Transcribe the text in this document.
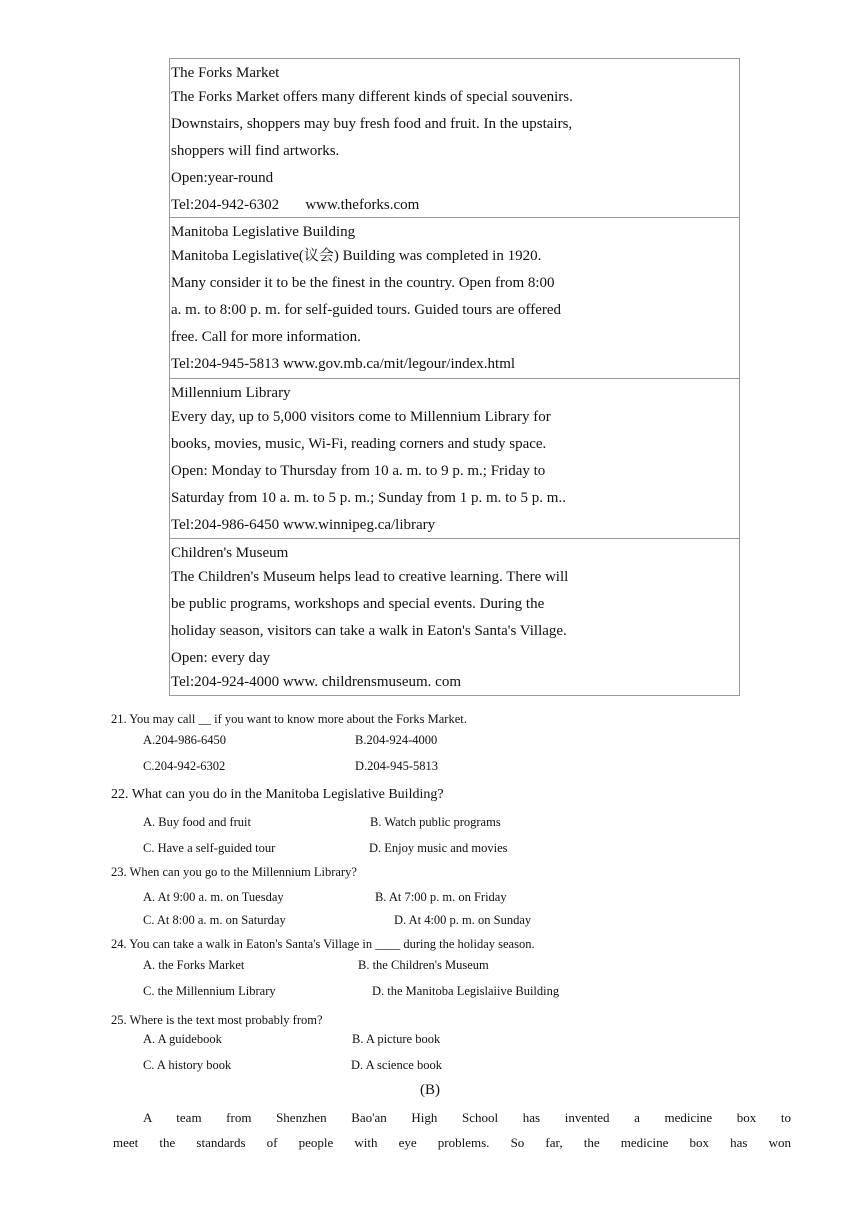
The Forks Market
The Forks Market offers many different kinds of special souvenirs.
Downstairs, shoppers may buy fresh food and fruit. In the upstairs,
shoppers will find artworks.
Open:year-round
Tel:204-942-6302       www.theforks.com
Manitoba Legislative Building
Manitoba Legislative(议会) Building was completed in 1920.
Many consider it to be the finest in the country. Open from 8:00
a. m. to 8:00 p. m. for self-guided tours. Guided tours are offered
free. Call for more information.
Tel:204-945-5813 www.gov.mb.ca/mit/legour/index.html
Millennium Library
Every day, up to 5,000 visitors come to Millennium Library for
books, movies, music, Wi-Fi, reading corners and study space.
Open: Monday to Thursday from 10 a. m. to 9 p. m.; Friday to
Saturday from 10 a. m. to 5 p. m.; Sunday from 1 p. m. to 5 p. m..
Tel:204-986-6450 www.winnipeg.ca/library
Children's Museum
The Children's Museum helps lead to creative learning. There will
be public programs, workshops and special events. During the
holiday season, visitors can take a walk in Eaton's Santa's Village.
Open: every day
Tel:204-924-4000 www. childrensmuseum. com
21. You may call __ if you want to know more about the Forks Market.
A.204-986-6450	B.204-924-4000
C.204-942-6302	D.204-945-5813
22. What can you do in the Manitoba Legislative Building?
A. Buy food and fruit	B. Watch public programs
C. Have a self-guided tour	D. Enjoy music and movies
23. When can you go to the Millennium Library?
A. At 9:00 a. m. on Tuesday	B. At 7:00 p. m. on Friday
C. At 8:00 a. m. on Saturday	D. At 4:00 p. m. on Sunday
24. You can take a walk in Eaton's Santa's Village in ____ during the holiday season.
A. the Forks Market	B. the Children's Museum
C. the Millennium Library	D. the Manitoba Legislaiive Building
25. Where is the text most probably from?
A. A guidebook	B. A picture book
C. A history book	D. A science book
(B)
A team from Shenzhen Bao'an High School has invented a medicine box to
meet the standards of people with eye problems. So far, the medicine box has won
